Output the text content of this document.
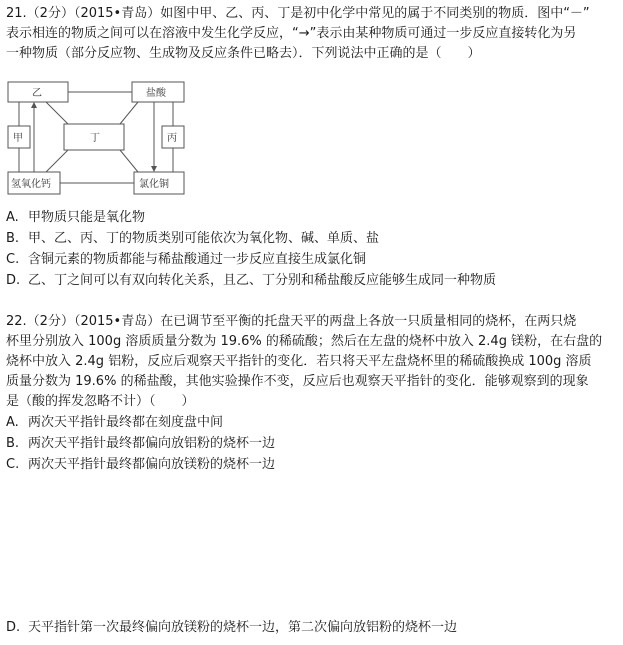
21.（2分）（2015•青岛）如图中甲、乙、丙、丁是初中化学中常见的属于不同类别的物质．图中“－”
表示相连的物质之间可以在溶液中发生化学反应，“→”表示由某种物质可通过一步反应直接转化为另
一种物质（部分反应物、生成物及反应条件已略去）．下列说法中正确的是（　　）
乙	盐酸
甲	丁	丙
氢氧化钙	氯化铜
A. 甲物质只能是氧化物
B. 甲、乙、丙、丁的物质类别可能依次为氧化物、碱、单质、盐
C. 含铜元素的物质都能与稀盐酸通过一步反应直接生成氯化铜
D. 乙、丁之间可以有双向转化关系，且乙、丁分别和稀盐酸反应能够生成同一种物质
22.（2分）（2015•青岛）在已调节至平衡的托盘天平的两盘上各放一只质量相同的烧杯，在两只烧
杯里分别放入 100g 溶质质量分数为 19.6% 的稀硫酸；然后在左盘的烧杯中放入 2.4g 镁粉，在右盘的
烧杯中放入 2.4g 铝粉，反应后观察天平指针的变化．若只将天平左盘烧杯里的稀硫酸换成 100g 溶质
质量分数为 19.6% 的稀盐酸，其他实验操作不变，反应后也观察天平指针的变化．能够观察到的现象
是（酸的挥发忽略不计）（　　）
A. 两次天平指针最终都在刻度盘中间
B. 两次天平指针最终都偏向放铝粉的烧杯一边
C. 两次天平指针最终都偏向放镁粉的烧杯一边
D. 天平指针第一次最终偏向放镁粉的烧杯一边，第二次偏向放铝粉的烧杯一边
